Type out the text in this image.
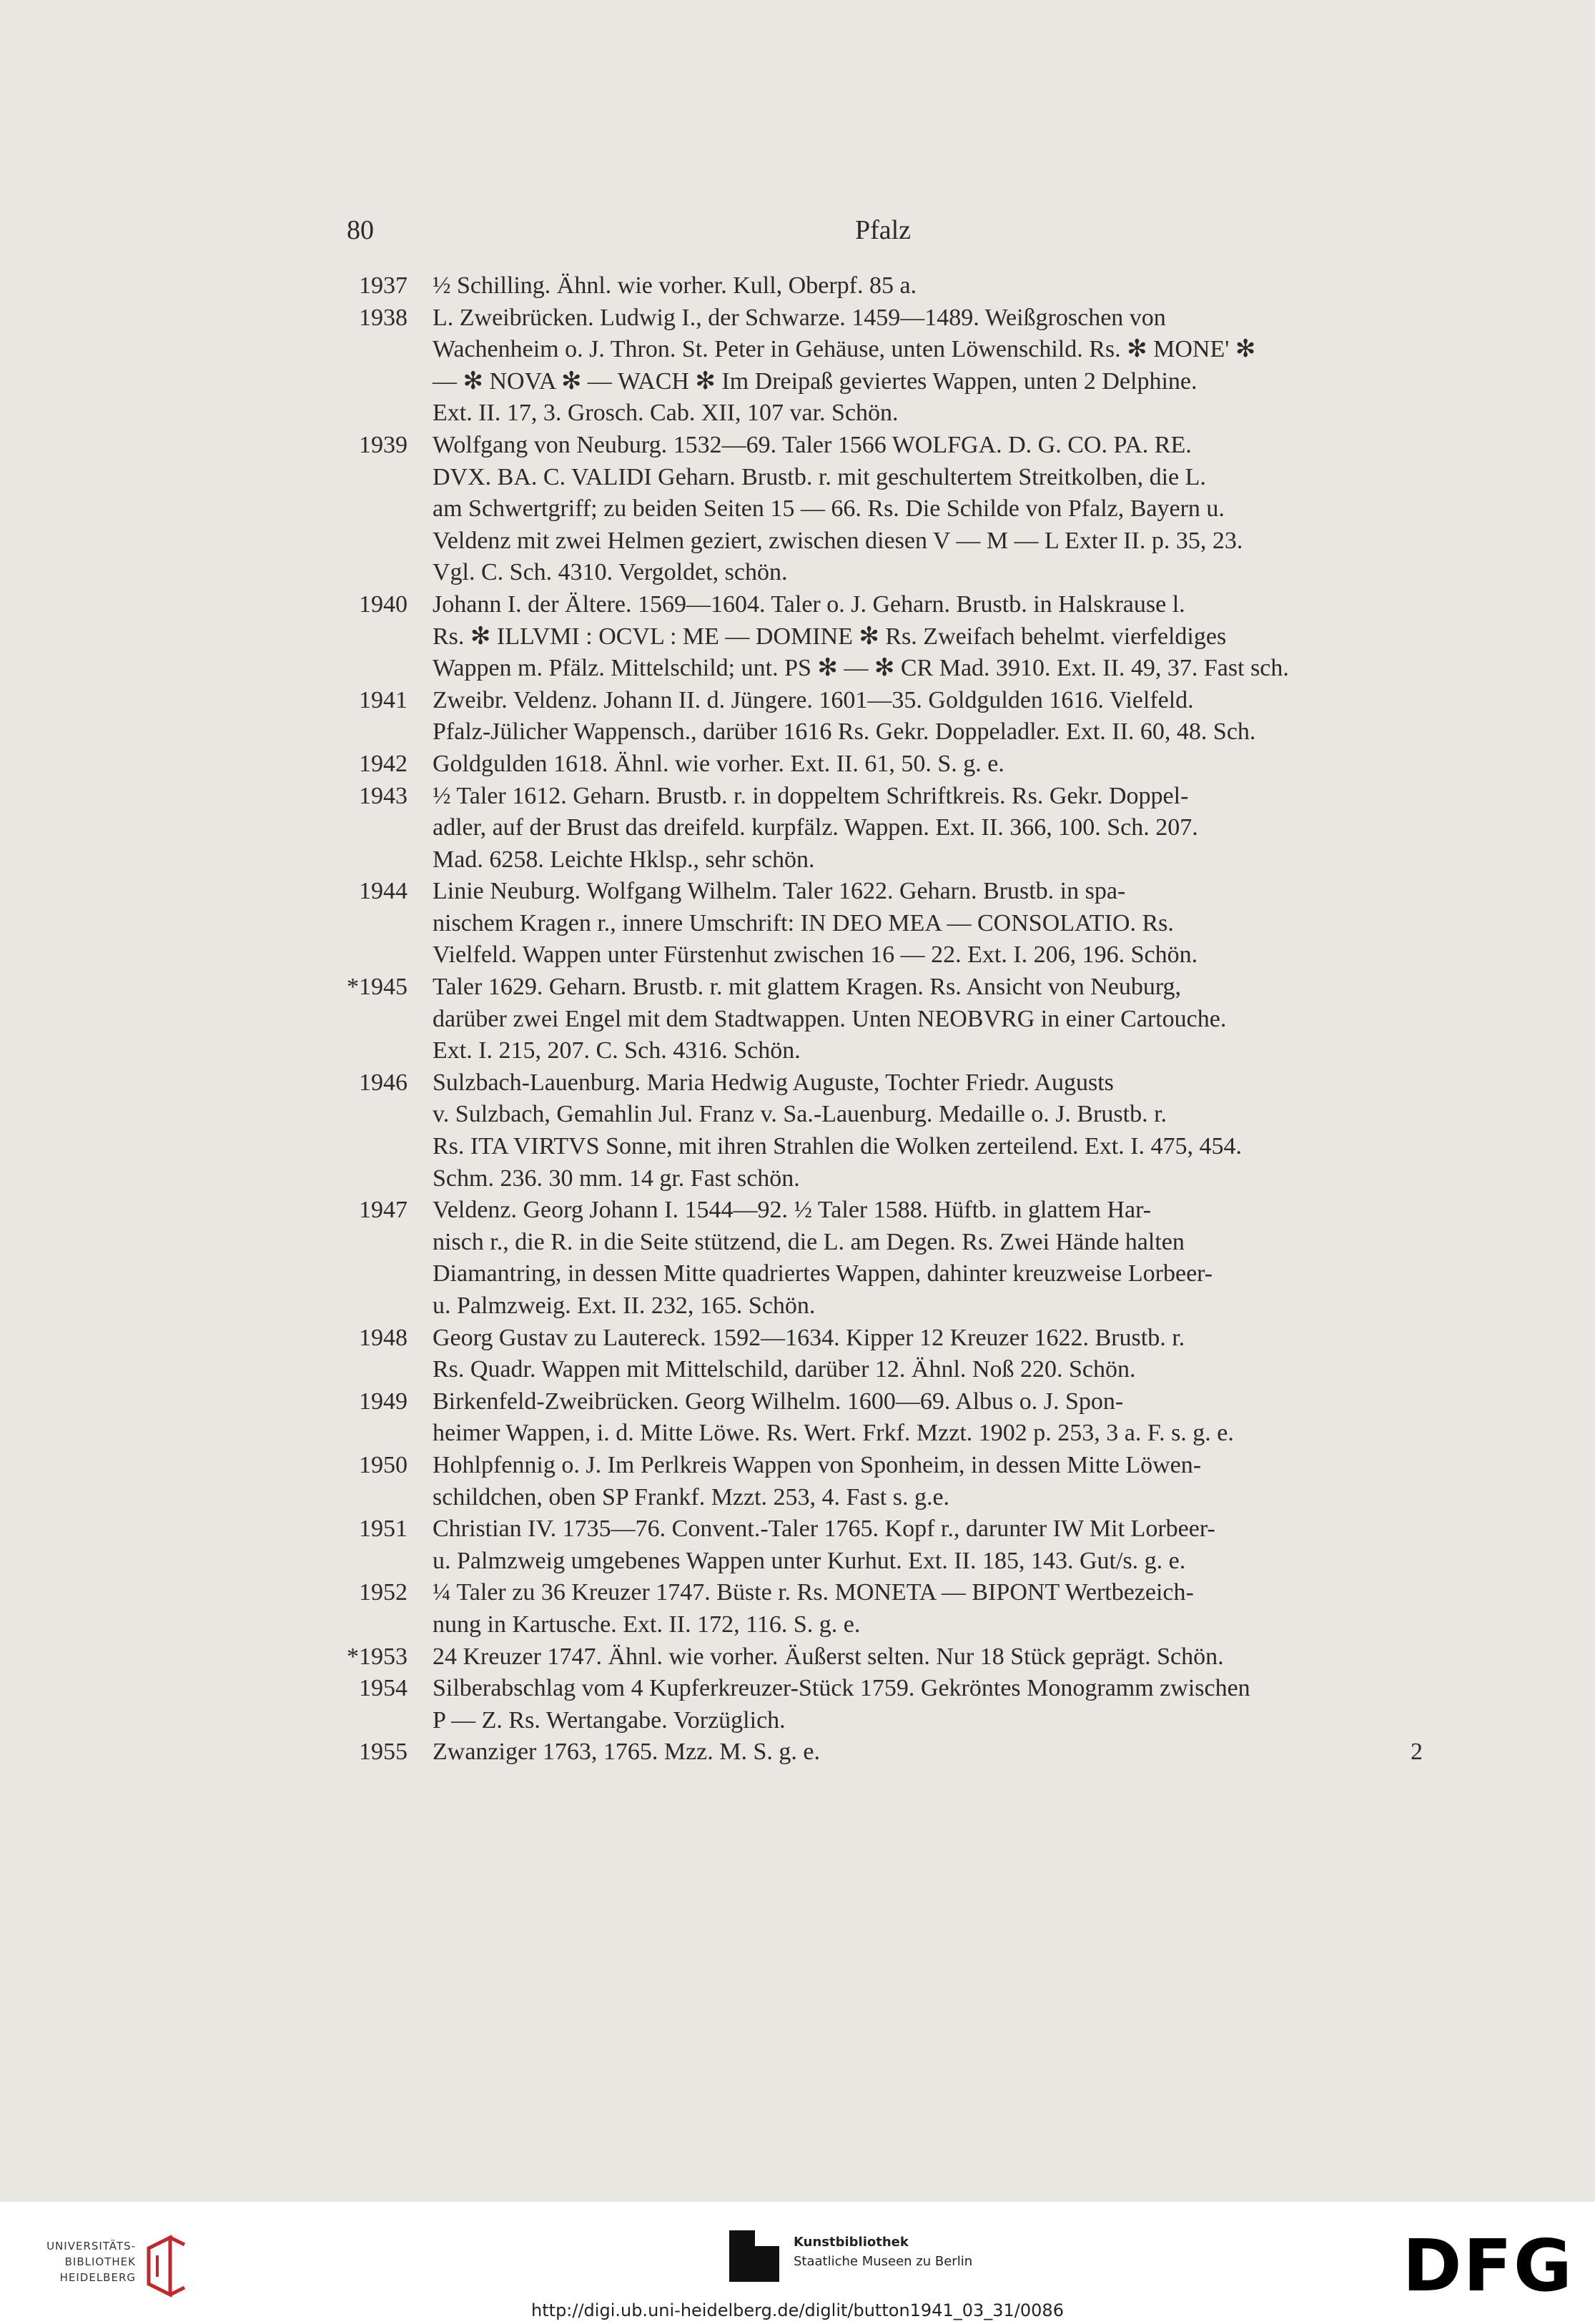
80	Pfalz
1937 ½ Schilling. Ähnl. wie vorher. Kull, Oberpf. 85 a.
1938 L. Zweibrücken. Ludwig I., der Schwarze. 1459—1489. Weißgroschen von
Wachenheim o. J. Thron. St. Peter in Gehäuse, unten Löwenschild. Rs. ✻ MONE' ✻
— ✻ NOVA ✻ — WACH ✻ Im Dreipaß geviertes Wappen, unten 2 Delphine.
Ext. II. 17, 3. Grosch. Cab. XII, 107 var. Schön.
1939 Wolfgang von Neuburg. 1532—69. Taler 1566 WOLFGA. D. G. CO. PA. RE.
DVX. BA. C. VALIDI Geharn. Brustb. r. mit geschultertem Streitkolben, die L.
am Schwertgriff; zu beiden Seiten 15 — 66. Rs. Die Schilde von Pfalz, Bayern u.
Veldenz mit zwei Helmen geziert, zwischen diesen V — M — L Exter II. p. 35, 23.
Vgl. C. Sch. 4310. Vergoldet, schön.
1940 Johann I. der Ältere. 1569—1604. Taler o. J. Geharn. Brustb. in Halskrause l.
Rs. ✻ ILLVMI : OCVL : ME — DOMINE ✻ Rs. Zweifach behelmt. vierfeldiges
Wappen m. Pfälz. Mittelschild; unt. PS ✻ — ✻ CR Mad. 3910. Ext. II. 49, 37. Fast sch.
1941 Zweibr. Veldenz. Johann II. d. Jüngere. 1601—35. Goldgulden 1616. Vielfeld.
Pfalz-Jülicher Wappensch., darüber 1616 Rs. Gekr. Doppeladler. Ext. II. 60, 48. Sch.
1942 Goldgulden 1618. Ähnl. wie vorher. Ext. II. 61, 50. S. g. e.
1943 ½ Taler 1612. Geharn. Brustb. r. in doppeltem Schriftkreis. Rs. Gekr. Doppel-
adler, auf der Brust das dreifeld. kurpfälz. Wappen. Ext. II. 366, 100. Sch. 207.
Mad. 6258. Leichte Hklsp., sehr schön.
1944 Linie Neuburg. Wolfgang Wilhelm. Taler 1622. Geharn. Brustb. in spa-
nischem Kragen r., innere Umschrift: IN DEO MEA — CONSOLATIO. Rs.
Vielfeld. Wappen unter Fürstenhut zwischen 16 — 22. Ext. I. 206, 196. Schön.
*1945 Taler 1629. Geharn. Brustb. r. mit glattem Kragen. Rs. Ansicht von Neuburg,
darüber zwei Engel mit dem Stadtwappen. Unten NEOBVRG in einer Cartouche.
Ext. I. 215, 207. C. Sch. 4316. Schön.
1946 Sulzbach-Lauenburg. Maria Hedwig Auguste, Tochter Friedr. Augusts
v. Sulzbach, Gemahlin Jul. Franz v. Sa.-Lauenburg. Medaille o. J. Brustb. r.
Rs. ITA VIRTVS Sonne, mit ihren Strahlen die Wolken zerteilend. Ext. I. 475, 454.
Schm. 236. 30 mm. 14 gr. Fast schön.
1947 Veldenz. Georg Johann I. 1544—92. ½ Taler 1588. Hüftb. in glattem Har-
nisch r., die R. in die Seite stützend, die L. am Degen. Rs. Zwei Hände halten
Diamantring, in dessen Mitte quadriertes Wappen, dahinter kreuzweise Lorbeer-
u. Palmzweig. Ext. II. 232, 165. Schön.
1948 Georg Gustav zu Lautereck. 1592—1634. Kipper 12 Kreuzer 1622. Brustb. r.
Rs. Quadr. Wappen mit Mittelschild, darüber 12. Ähnl. Noß 220. Schön.
1949 Birkenfeld-Zweibrücken. Georg Wilhelm. 1600—69. Albus o. J. Spon-
heimer Wappen, i. d. Mitte Löwe. Rs. Wert. Frkf. Mzzt. 1902 p. 253, 3 a. F. s. g. e.
1950 Hohlpfennig o. J. Im Perlkreis Wappen von Sponheim, in dessen Mitte Löwen-
schildchen, oben SP Frankf. Mzzt. 253, 4. Fast s. g.e.
1951 Christian IV. 1735—76. Convent.-Taler 1765. Kopf r., darunter IW Mit Lorbeer-
u. Palmzweig umgebenes Wappen unter Kurhut. Ext. II. 185, 143. Gut/s. g. e.
1952 ¼ Taler zu 36 Kreuzer 1747. Büste r. Rs. MONETA — BIPONT Wertbezeich-
nung in Kartusche. Ext. II. 172, 116. S. g. e.
*1953 24 Kreuzer 1747. Ähnl. wie vorher. Äußerst selten. Nur 18 Stück geprägt. Schön.
1954 Silberabschlag vom 4 Kupferkreuzer-Stück 1759. Gekröntes Monogramm zwischen
P — Z. Rs. Wertangabe. Vorzüglich.
1955 Zwanziger 1763, 1765. Mzz. M. S. g. e.	2
UNIVERSITÄTS-
BIBLIOTHEK
HEIDELBERG
Kunstbibliothek
Staatliche Museen zu Berlin	DFG
http://digi.ub.uni-heidelberg.de/diglit/button1941_03_31/0086
